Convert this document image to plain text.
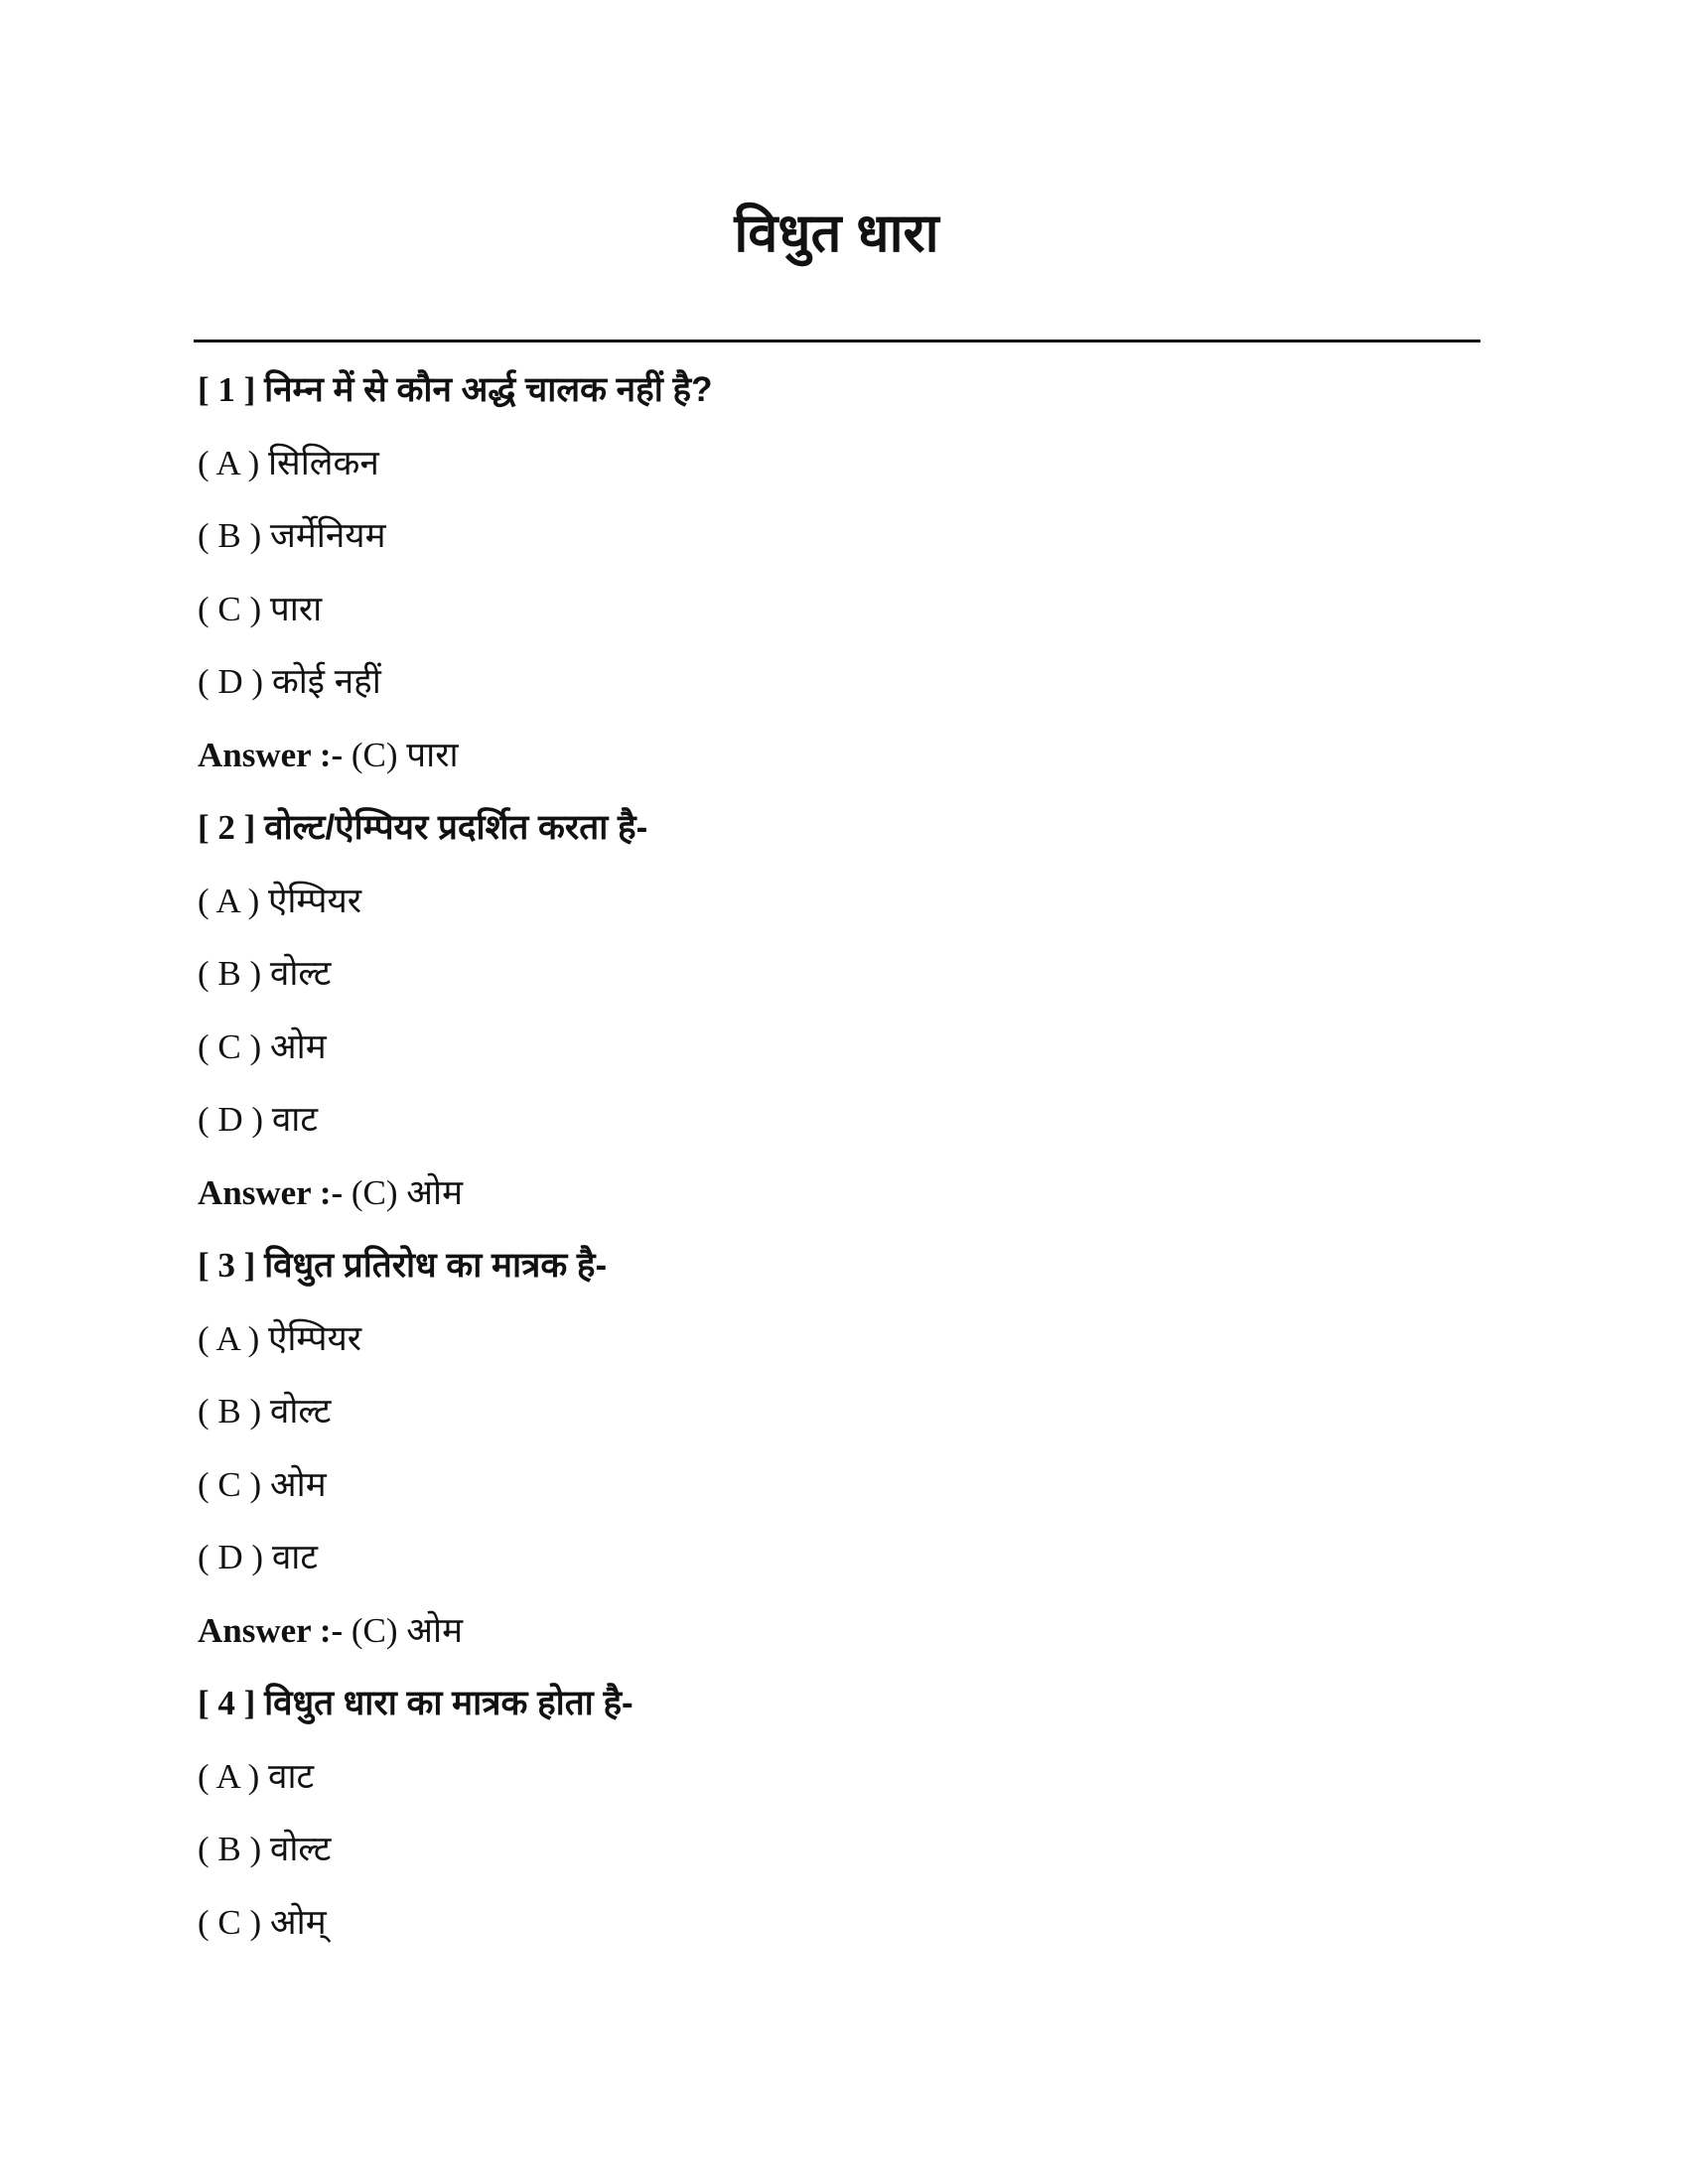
विधुत धारा
[ 1 ] निम्न में से कौन अर्द्ध चालक नहीं है?
( A ) सिलिकन
( B ) जर्मेनियम
( C ) पारा
( D ) कोई नहीं
Answer :- (C) पारा
[ 2 ] वोल्ट/ऐम्पियर प्रदर्शित करता है-
( A ) ऐम्पियर
( B ) वोल्ट
( C ) ओम
( D ) वाट
Answer :- (C) ओम
[ 3 ] विधुत प्रतिरोध का मात्रक है-
( A ) ऐम्पियर
( B ) वोल्ट
( C ) ओम
( D ) वाट
Answer :- (C) ओम
[ 4 ] विधुत धारा का मात्रक होता है-
( A ) वाट
( B ) वोल्ट
( C ) ओम्
